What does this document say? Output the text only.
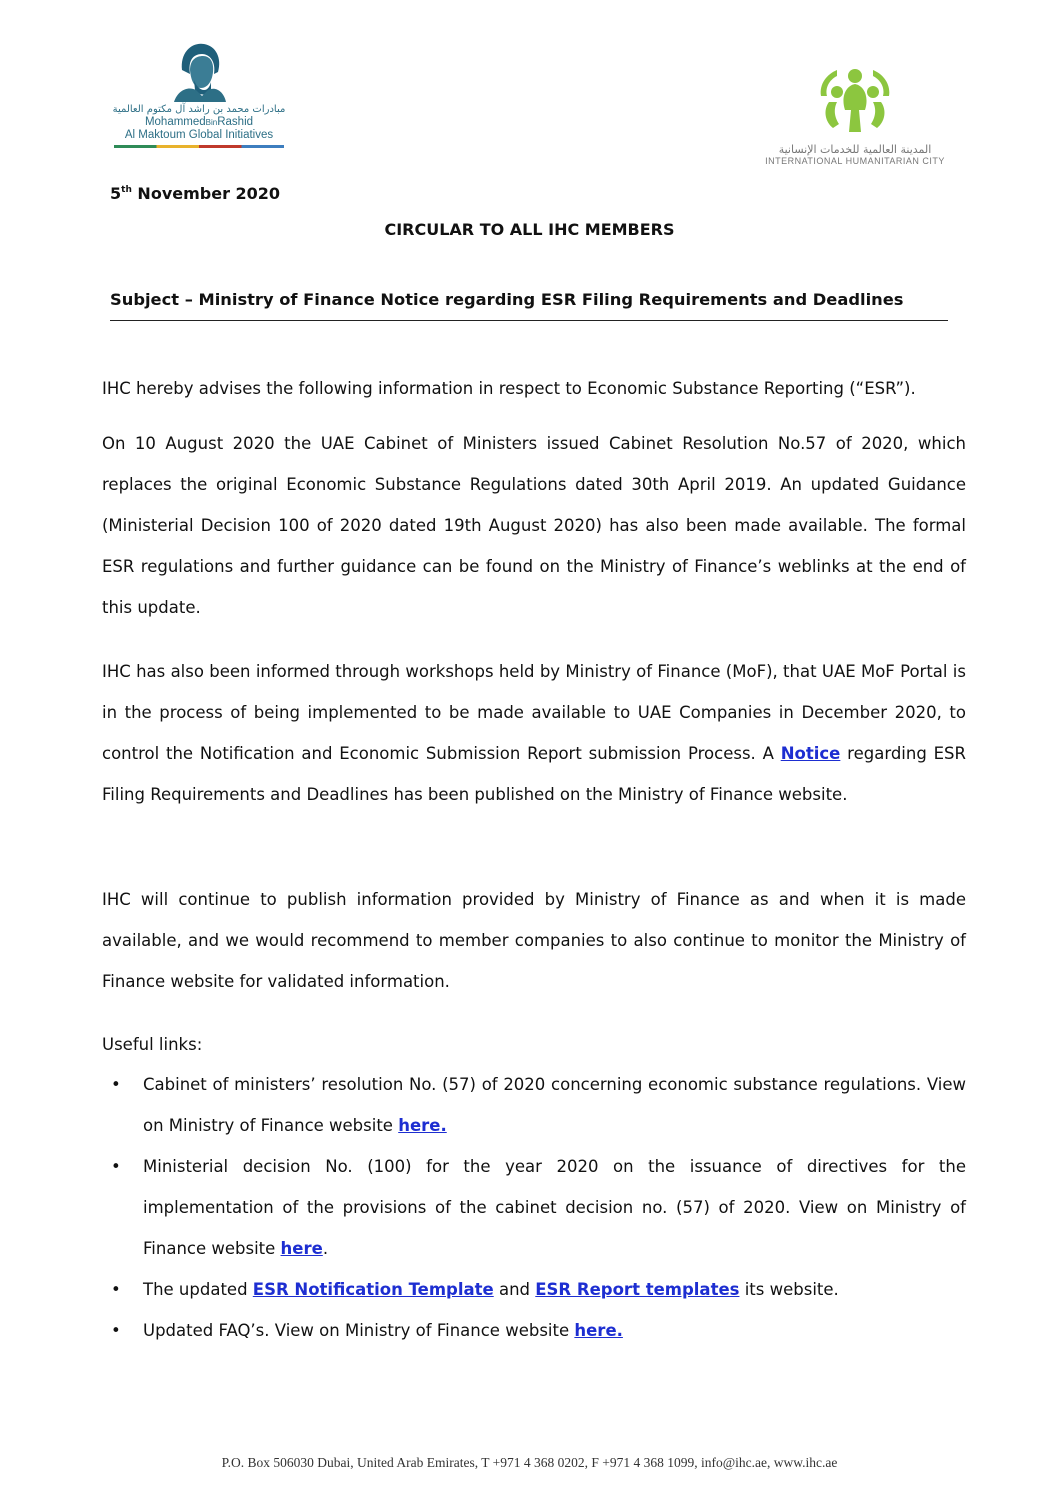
مبادرات محمد بن راشد آل مكتوم العالمية
MohammedBinRashid
Al Maktoum Global Initiatives
المدينة العالمية للخدمات الإنسانية
INTERNATIONAL HUMANITARIAN CITY
5th November 2020
CIRCULAR TO ALL IHC MEMBERS
Subject – Ministry of Finance Notice regarding ESR Filing Requirements and Deadlines
IHC hereby advises the following information in respect to Economic Substance Reporting (“ESR”).
On 10 August 2020 the UAE Cabinet of Ministers issued Cabinet Resolution No.57 of 2020, which replaces the original Economic Substance Regulations dated 30th April 2019. An updated Guidance (Ministerial Decision 100 of 2020 dated 19th August 2020) has also been made available. The formal ESR regulations and further guidance can be found on the Ministry of Finance’s weblinks at the end of this update.
IHC has also been informed through workshops held by Ministry of Finance (MoF), that UAE MoF Portal is in the process of being implemented to be made available to UAE Companies in December 2020, to control the Notification and Economic Submission Report submission Process. A Notice regarding ESR Filing Requirements and Deadlines has been published on the Ministry of Finance website.
IHC will continue to publish information provided by Ministry of Finance as and when it is made available, and we would recommend to member companies to also continue to monitor the Ministry of Finance website for validated information.
Useful links:
• Cabinet of ministers’ resolution No. (57) of 2020 concerning economic substance regulations. View on Ministry of Finance website here.
• Ministerial decision No. (100) for the year 2020 on the issuance of directives for the implementation of the provisions of the cabinet decision no. (57) of 2020. View on Ministry of Finance website here.
• The updated ESR Notification Template and ESR Report templates its website.
• Updated FAQ’s. View on Ministry of Finance website here.
P.O. Box 506030 Dubai, United Arab Emirates, T +971 4 368 0202, F +971 4 368 1099, info@ihc.ae, www.ihc.ae
